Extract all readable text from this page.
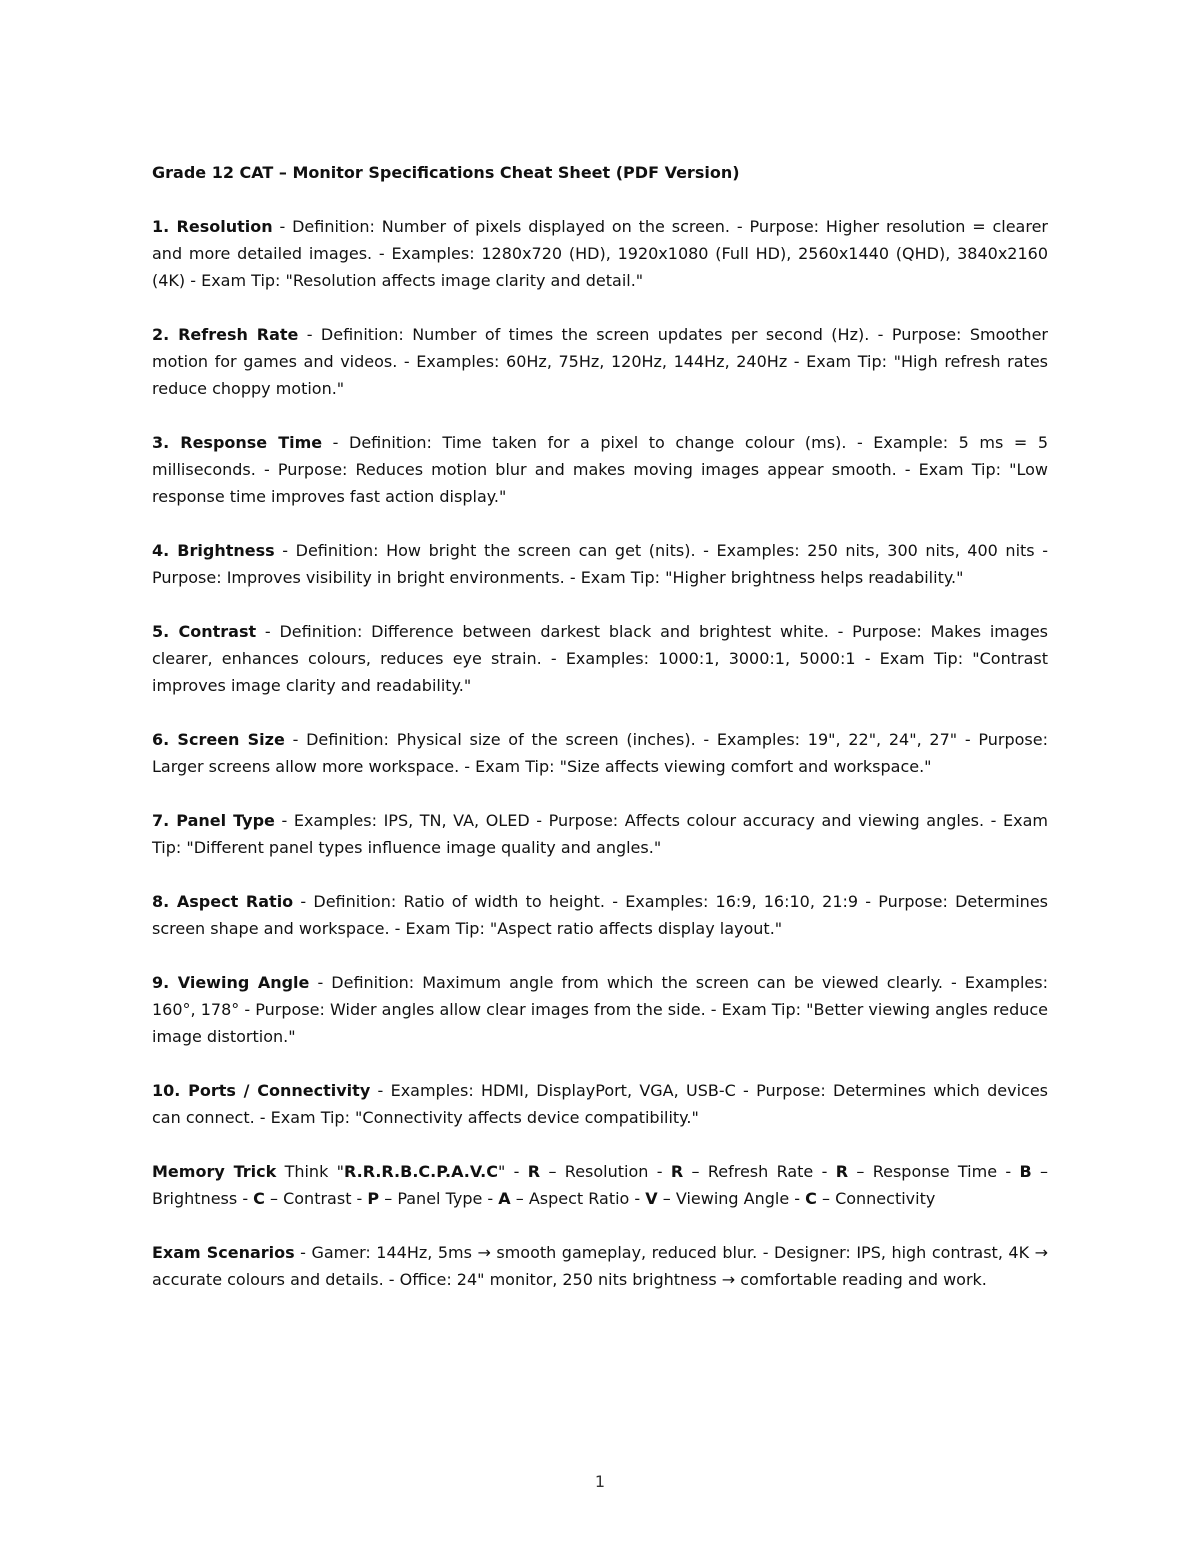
Grade 12 CAT – Monitor Specifications Cheat Sheet (PDF Version)
1. Resolution - Definition: Number of pixels displayed on the screen. - Purpose: Higher resolution = clearer and more detailed images. - Examples: 1280x720 (HD), 1920x1080 (Full HD), 2560x1440 (QHD), 3840x2160 (4K) - Exam Tip: "Resolution affects image clarity and detail."
2. Refresh Rate - Definition: Number of times the screen updates per second (Hz). - Purpose: Smoother motion for games and videos. - Examples: 60Hz, 75Hz, 120Hz, 144Hz, 240Hz - Exam Tip: "High refresh rates reduce choppy motion."
3. Response Time - Definition: Time taken for a pixel to change colour (ms). - Example: 5 ms = 5 milliseconds. - Purpose: Reduces motion blur and makes moving images appear smooth. - Exam Tip: "Low response time improves fast action display."
4. Brightness - Definition: How bright the screen can get (nits). - Examples: 250 nits, 300 nits, 400 nits - Purpose: Improves visibility in bright environments. - Exam Tip: "Higher brightness helps readability."
5. Contrast - Definition: Difference between darkest black and brightest white. - Purpose: Makes images clearer, enhances colours, reduces eye strain. - Examples: 1000:1, 3000:1, 5000:1 - Exam Tip: "Contrast improves image clarity and readability."
6. Screen Size - Definition: Physical size of the screen (inches). - Examples: 19", 22", 24", 27" - Purpose: Larger screens allow more workspace. - Exam Tip: "Size affects viewing comfort and workspace."
7. Panel Type - Examples: IPS, TN, VA, OLED - Purpose: Affects colour accuracy and viewing angles. - Exam Tip: "Different panel types influence image quality and angles."
8. Aspect Ratio - Definition: Ratio of width to height. - Examples: 16:9, 16:10, 21:9 - Purpose: Determines screen shape and workspace. - Exam Tip: "Aspect ratio affects display layout."
9. Viewing Angle - Definition: Maximum angle from which the screen can be viewed clearly. - Examples: 160°, 178° - Purpose: Wider angles allow clear images from the side. - Exam Tip: "Better viewing angles reduce image distortion."
10. Ports / Connectivity - Examples: HDMI, DisplayPort, VGA, USB-C - Purpose: Determines which devices can connect. - Exam Tip: "Connectivity affects device compatibility."
Memory Trick Think "R.R.R.B.C.P.A.V.C" - R – Resolution - R – Refresh Rate - R – Response Time - B – Brightness - C – Contrast - P – Panel Type - A – Aspect Ratio - V – Viewing Angle - C – Connectivity
Exam Scenarios - Gamer: 144Hz, 5ms → smooth gameplay, reduced blur. - Designer: IPS, high contrast, 4K → accurate colours and details. - Office: 24" monitor, 250 nits brightness → comfortable reading and work.
1
